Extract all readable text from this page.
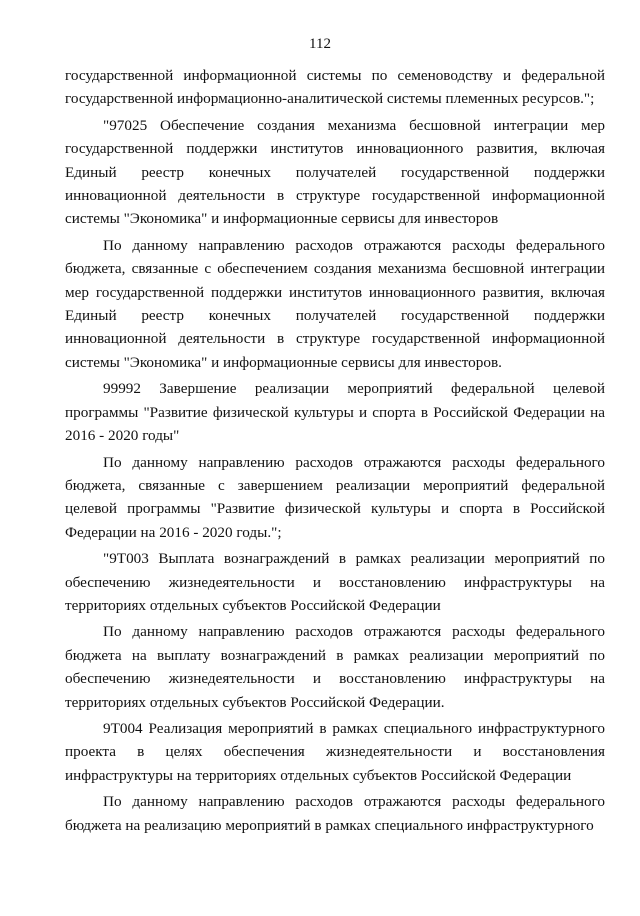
112

государственной информационной системы по семеноводству и федеральной государственной информационно-аналитической системы племенных ресурсов.";

"97025 Обеспечение создания механизма бесшовной интеграции мер государственной поддержки институтов инновационного развития, включая Единый реестр конечных получателей государственной поддержки инновационной деятельности в структуре государственной информационной системы "Экономика" и информационные сервисы для инвесторов

По данному направлению расходов отражаются расходы федерального бюджета, связанные с обеспечением создания механизма бесшовной интеграции мер государственной поддержки институтов инновационного развития, включая Единый реестр конечных получателей государственной поддержки инновационной деятельности в структуре государственной информационной системы "Экономика" и информационные сервисы для инвесторов.

99992 Завершение реализации мероприятий федеральной целевой программы "Развитие физической культуры и спорта в Российской Федерации на 2016 - 2020 годы"

По данному направлению расходов отражаются расходы федерального бюджета, связанные с завершением реализации мероприятий федеральной целевой программы "Развитие физической культуры и спорта в Российской Федерации на 2016 - 2020 годы.";

"9Т003 Выплата вознаграждений в рамках реализации мероприятий по обеспечению жизнедеятельности и восстановлению инфраструктуры на территориях отдельных субъектов Российской Федерации

По данному направлению расходов отражаются расходы федерального бюджета на выплату вознаграждений в рамках реализации мероприятий по обеспечению жизнедеятельности и восстановлению инфраструктуры на территориях отдельных субъектов Российской Федерации.

9Т004 Реализация мероприятий в рамках специального инфраструктурного проекта в целях обеспечения жизнедеятельности и восстановления инфраструктуры на территориях отдельных субъектов Российской Федерации

По данному направлению расходов отражаются расходы федерального бюджета на реализацию мероприятий в рамках специального инфраструктурного
